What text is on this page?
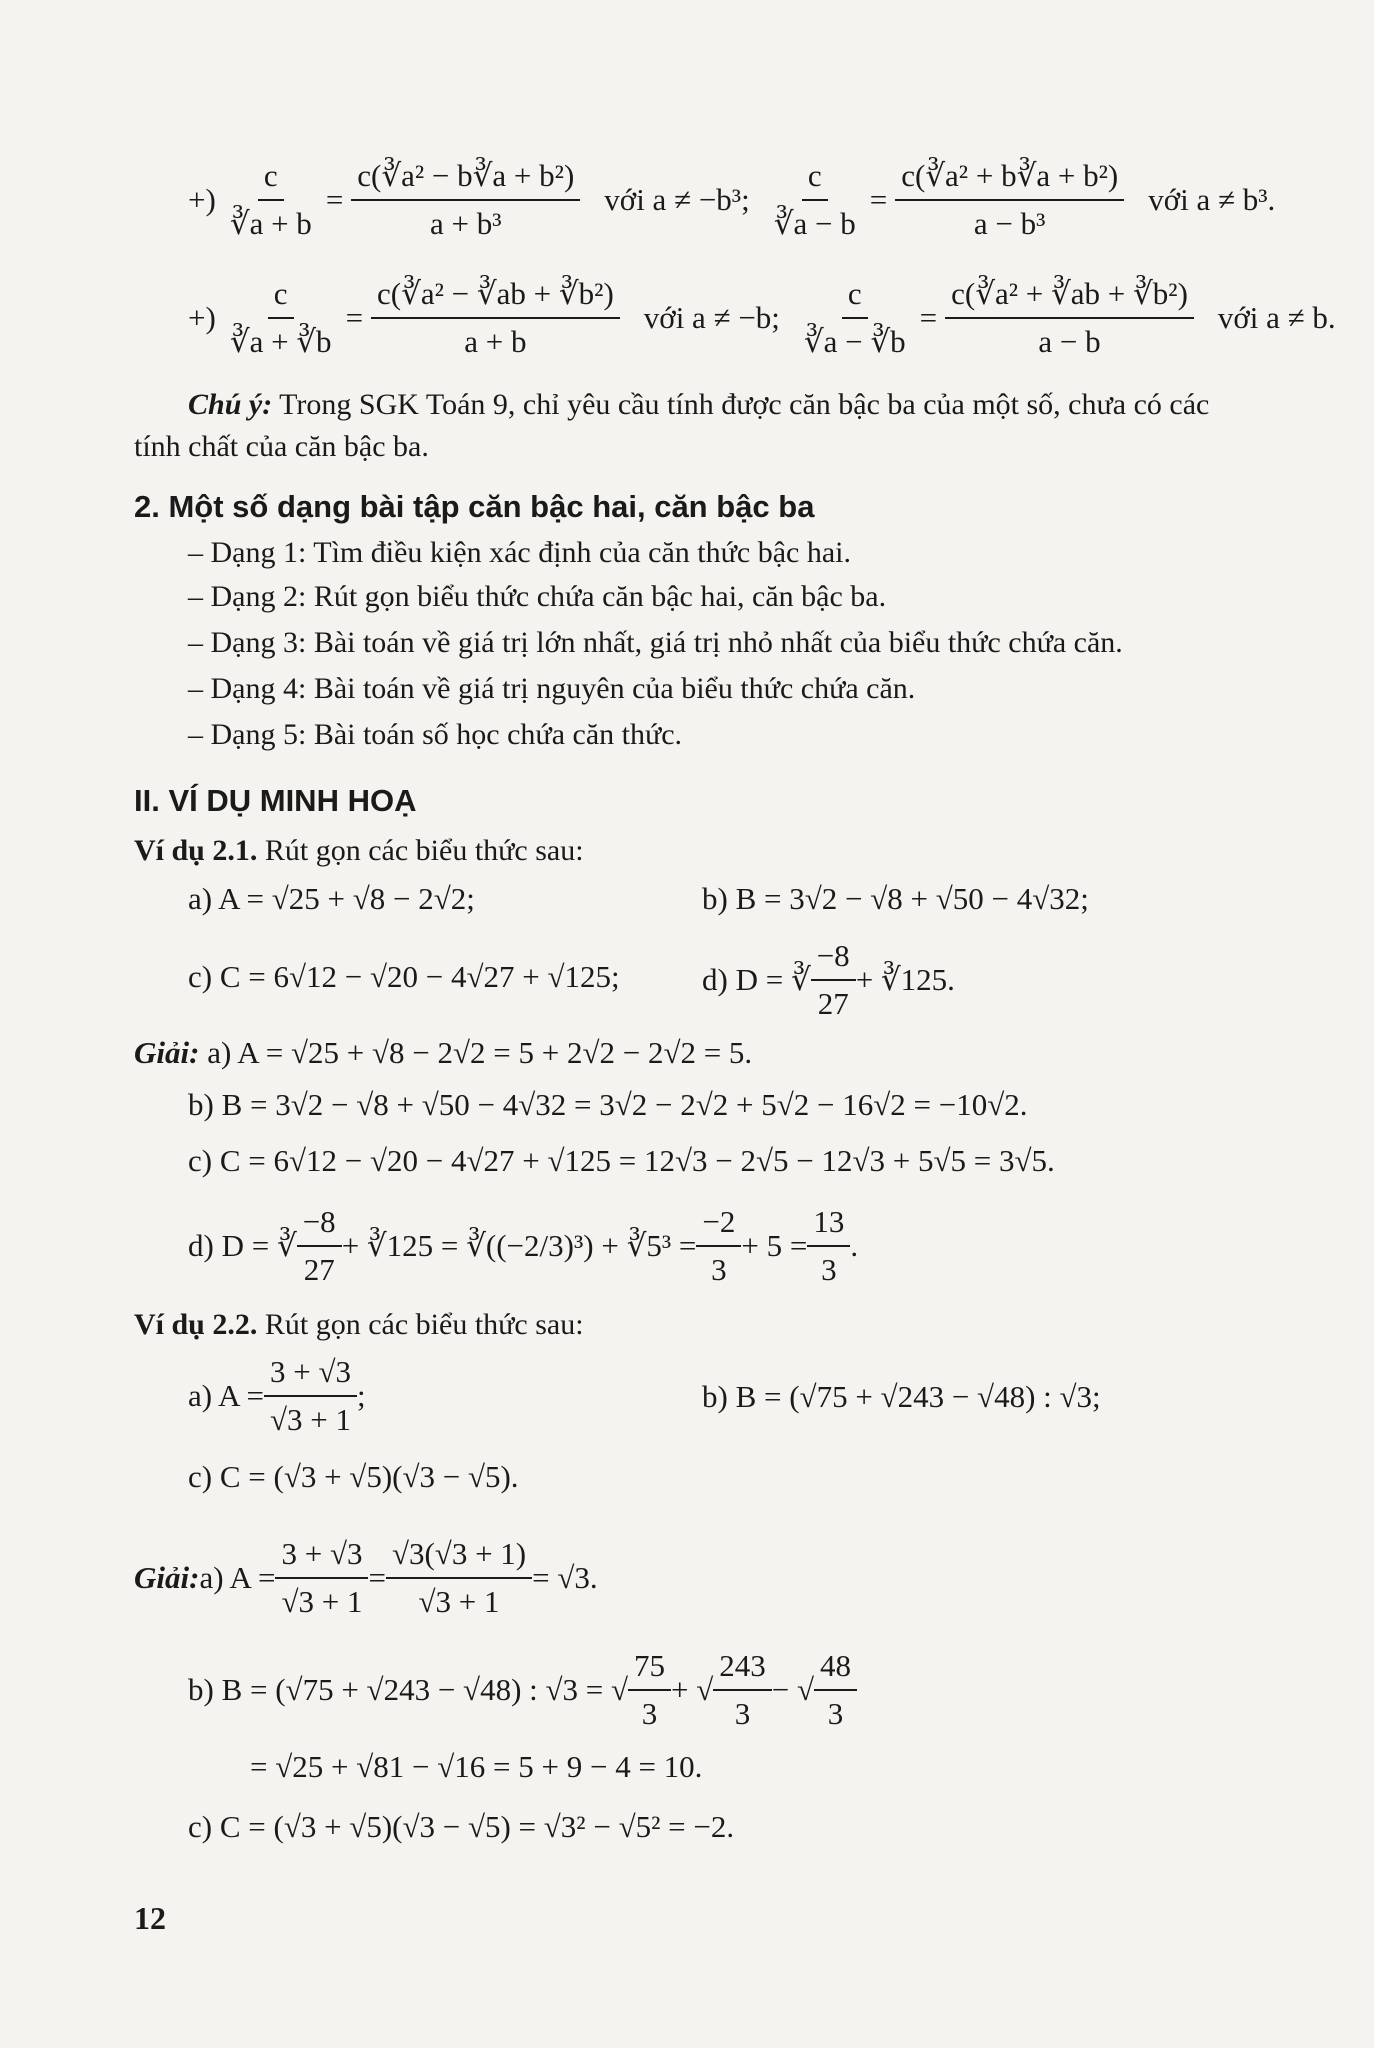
+) $\frac{c}{∛a + b} = \frac{\text{c(∛a² − b∛a + b²)}}{\text{a + b³}}$ với a ≠ −b³; $\frac{c}{∛a - b} = \frac{\text{c(∛a² + b∛a + b²)}}{\text{a − b³}}$ với a ≠ b³.
+) $\frac{c}{∛a + ∛b} = \frac{\text{c(∛a² − ∛ab + ∛b²)}}{a + b}$ với a ≠ −b; $\frac{c}{∛a - ∛b} = \frac{\text{c(∛a² + ∛ab + ∛b²)}}{a - b}$ với a ≠ b.
Chú ý: Trong SGK Toán 9, chỉ yêu cầu tính được căn bậc ba của một số, chưa có các
tính chất của căn bậc ba.
2. Một số dạng bài tập căn bậc hai, căn bậc ba
– Dạng 1: Tìm điều kiện xác định của căn thức bậc hai.
– Dạng 2: Rút gọn biểu thức chứa căn bậc hai, căn bậc ba.
– Dạng 3: Bài toán về giá trị lớn nhất, giá trị nhỏ nhất của biểu thức chứa căn.
– Dạng 4: Bài toán về giá trị nguyên của biểu thức chứa căn.
– Dạng 5: Bài toán số học chứa căn thức.
II. VÍ DỤ MINH HOẠ
Ví dụ 2.1. Rút gọn các biểu thức sau:
a) A = √25 + √8 − 2√2;	b) B = 3√2 − √8 + √50 − 4√32;
c) C = 6√12 − √20 − 4√27 + √125;	d) D = ∛ $\frac{-8}{27}$ + ∛125.
Giải: a) A = √25 + √8 − 2√2 = 5 + 2√2 − 2√2 = 5.
b) B = 3√2 − √8 + √50 − 4√32 = 3√2 − 2√2 + 5√2 − 16√2 = −10√2.
c) C = 6√12 − √20 − 4√27 + √125 = 12√3 − 2√5 − 12√3 + 5√5 = 3√5.
d) D = ∛ $\frac{-8}{27}$ + ∛125 = ∛((−2/3)³) + ∛5³ = $\frac{-2}{3} + 5 = \frac{13}{3}$ .
Ví dụ 2.2. Rút gọn các biểu thức sau:
a) $A = \frac{3 + √3}{√3 + 1}$ ;	b) B = (√75 + √243 − √48) : √3;
c) C = (√3 + √5)(√3 − √5).
Giải: a) $A = \frac{3 + √3}{√3 + 1} = \frac{√3(√3 + 1)}{√3 + 1} = √3$.
b) B = (√75 + √243 − √48) : √3 = √ $\frac{75}{3}$ + √ $\frac{243}{3}$ − √ $\frac{48}{3}$
= √25 + √81 − √16 = 5 + 9 − 4 = 10.
c) C = (√3 + √5)(√3 − √5) = √3² − √5² = −2.
12
